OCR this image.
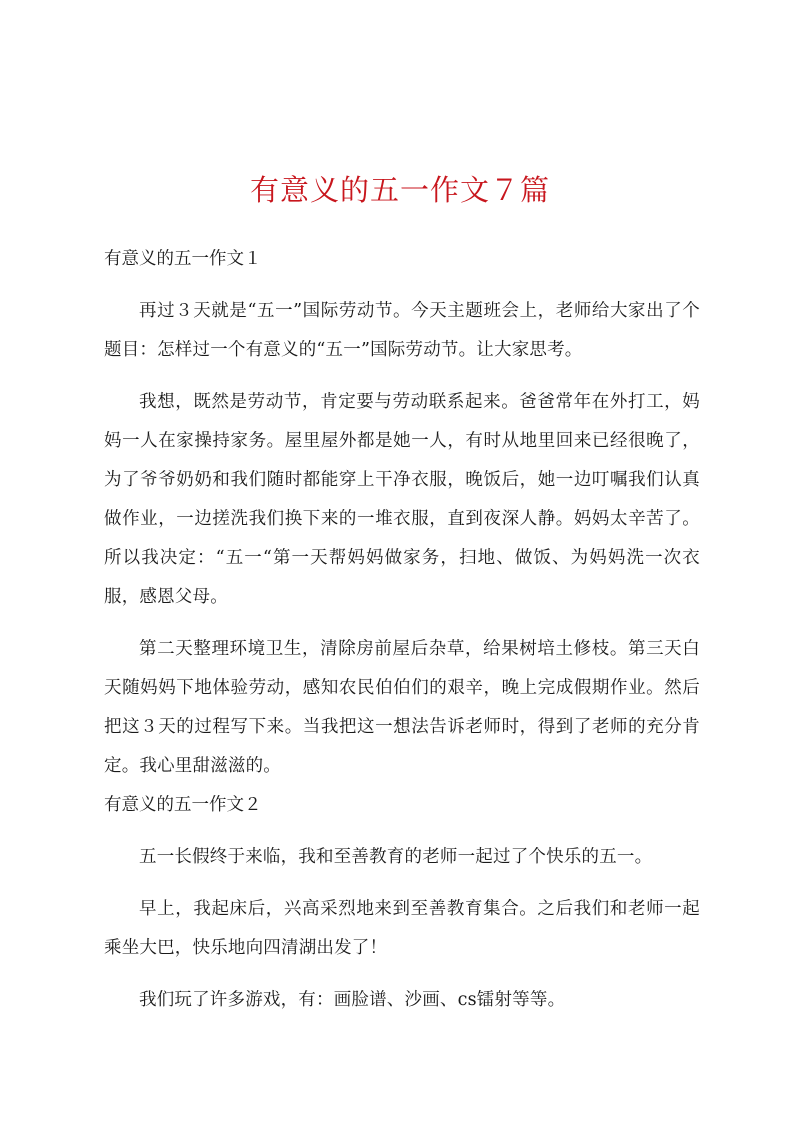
有意义的五一作文７篇
有意义的五一作文１

再过３天就是“五一”国际劳动节。今天主题班会上，老师给大家出了个题目：怎样过一个有意义的“五一”国际劳动节。让大家思考。

我想，既然是劳动节，肯定要与劳动联系起来。爸爸常年在外打工，妈妈一人在家操持家务。屋里屋外都是她一人，有时从地里回来已经很晚了，为了爷爷奶奶和我们随时都能穿上干净衣服，晚饭后，她一边叮嘱我们认真做作业，一边搓洗我们换下来的一堆衣服，直到夜深人静。妈妈太辛苦了。所以我决定：“五一“第一天帮妈妈做家务，扫地、做饭、为妈妈洗一次衣服，感恩父母。

第二天整理环境卫生，清除房前屋后杂草，给果树培土修枝。第三天白天随妈妈下地体验劳动，感知农民伯伯们的艰辛，晚上完成假期作业。然后把这３天的过程写下来。当我把这一想法告诉老师时，得到了老师的充分肯定。我心里甜滋滋的。

有意义的五一作文２

五一长假终于来临，我和至善教育的老师一起过了个快乐的五一。

早上，我起床后，兴高采烈地来到至善教育集合。之后我们和老师一起乘坐大巴，快乐地向四清湖出发了！

我们玩了许多游戏，有：画脸谱、沙画、cs镭射等等。
